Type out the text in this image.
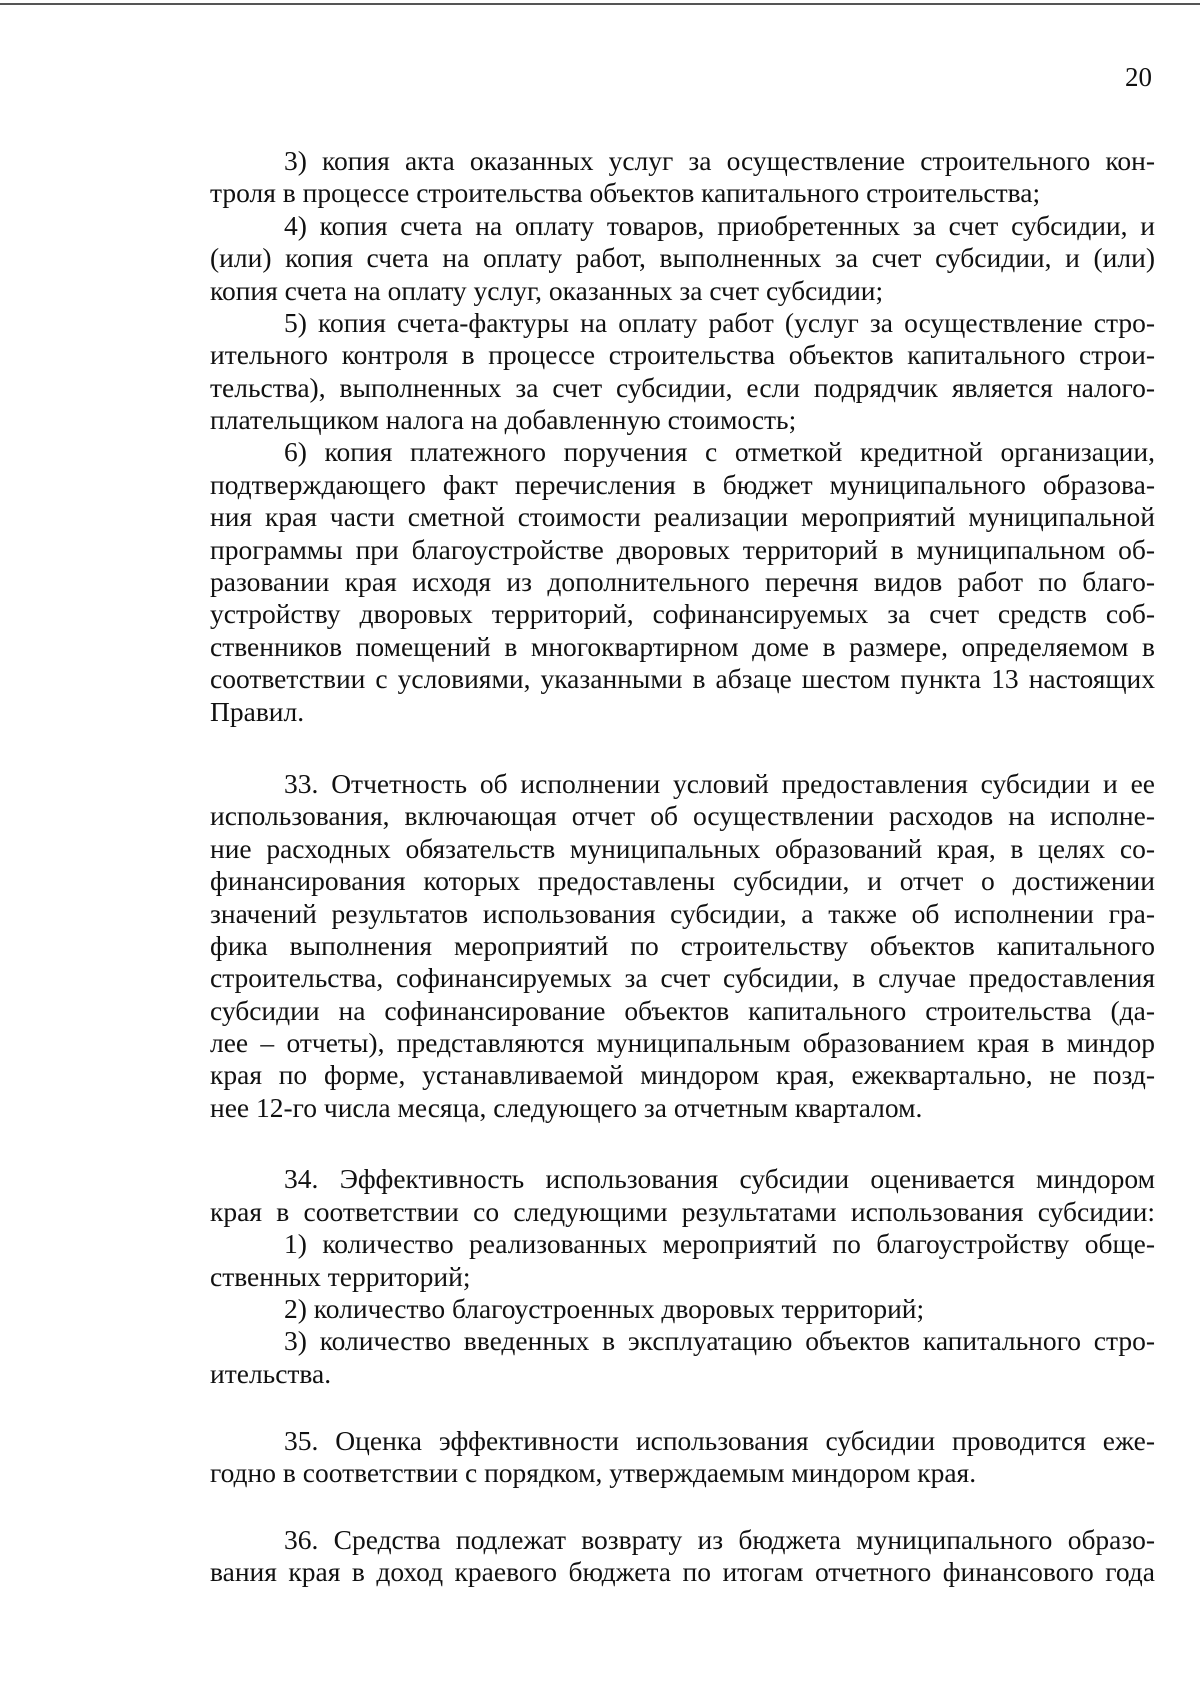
20
3) копия акта оказанных услуг за осуществление строительного кон-
троля в процессе строительства объектов капитального строительства;
4) копия счета на оплату товаров, приобретенных за счет субсидии, и
(или) копия счета на оплату работ, выполненных за счет субсидии, и (или)
копия счета на оплату услуг, оказанных за счет субсидии;
5) копия счета-фактуры на оплату работ (услуг за осуществление стро-
ительного контроля в процессе строительства объектов капитального строи-
тельства), выполненных за счет субсидии, если подрядчик является налого-
плательщиком налога на добавленную стоимость;
6) копия платежного поручения с отметкой кредитной организации,
подтверждающего факт перечисления в бюджет муниципального образова-
ния края части сметной стоимости реализации мероприятий муниципальной
программы при благоустройстве дворовых территорий в муниципальном об-
разовании края исходя из дополнительного перечня видов работ по благо-
устройству дворовых территорий, софинансируемых за счет средств соб-
ственников помещений в многоквартирном доме в размере, определяемом в
соответствии с условиями, указанными в абзаце шестом пункта 13 настоящих
Правил.
33. Отчетность об исполнении условий предоставления субсидии и ее
использования, включающая отчет об осуществлении расходов на исполне-
ние расходных обязательств муниципальных образований края, в целях со-
финансирования которых предоставлены субсидии, и отчет о достижении
значений результатов использования субсидии, а также об исполнении гра-
фика выполнения мероприятий по строительству объектов капитального
строительства, софинансируемых за счет субсидии, в случае предоставления
субсидии на софинансирование объектов капитального строительства (да-
лее – отчеты), представляются муниципальным образованием края в миндор
края по форме, устанавливаемой миндором края, ежеквартально, не позд-
нее 12-го числа месяца, следующего за отчетным кварталом.
34. Эффективность использования субсидии оценивается миндором
края в соответствии со следующими результатами использования субсидии:
1) количество реализованных мероприятий по благоустройству обще-
ственных территорий;
2) количество благоустроенных дворовых территорий;
3) количество введенных в эксплуатацию объектов капитального стро-
ительства.
35. Оценка эффективности использования субсидии проводится еже-
годно в соответствии с порядком, утверждаемым миндором края.
36. Средства подлежат возврату из бюджета муниципального образо-
вания края в доход краевого бюджета по итогам отчетного финансового года
